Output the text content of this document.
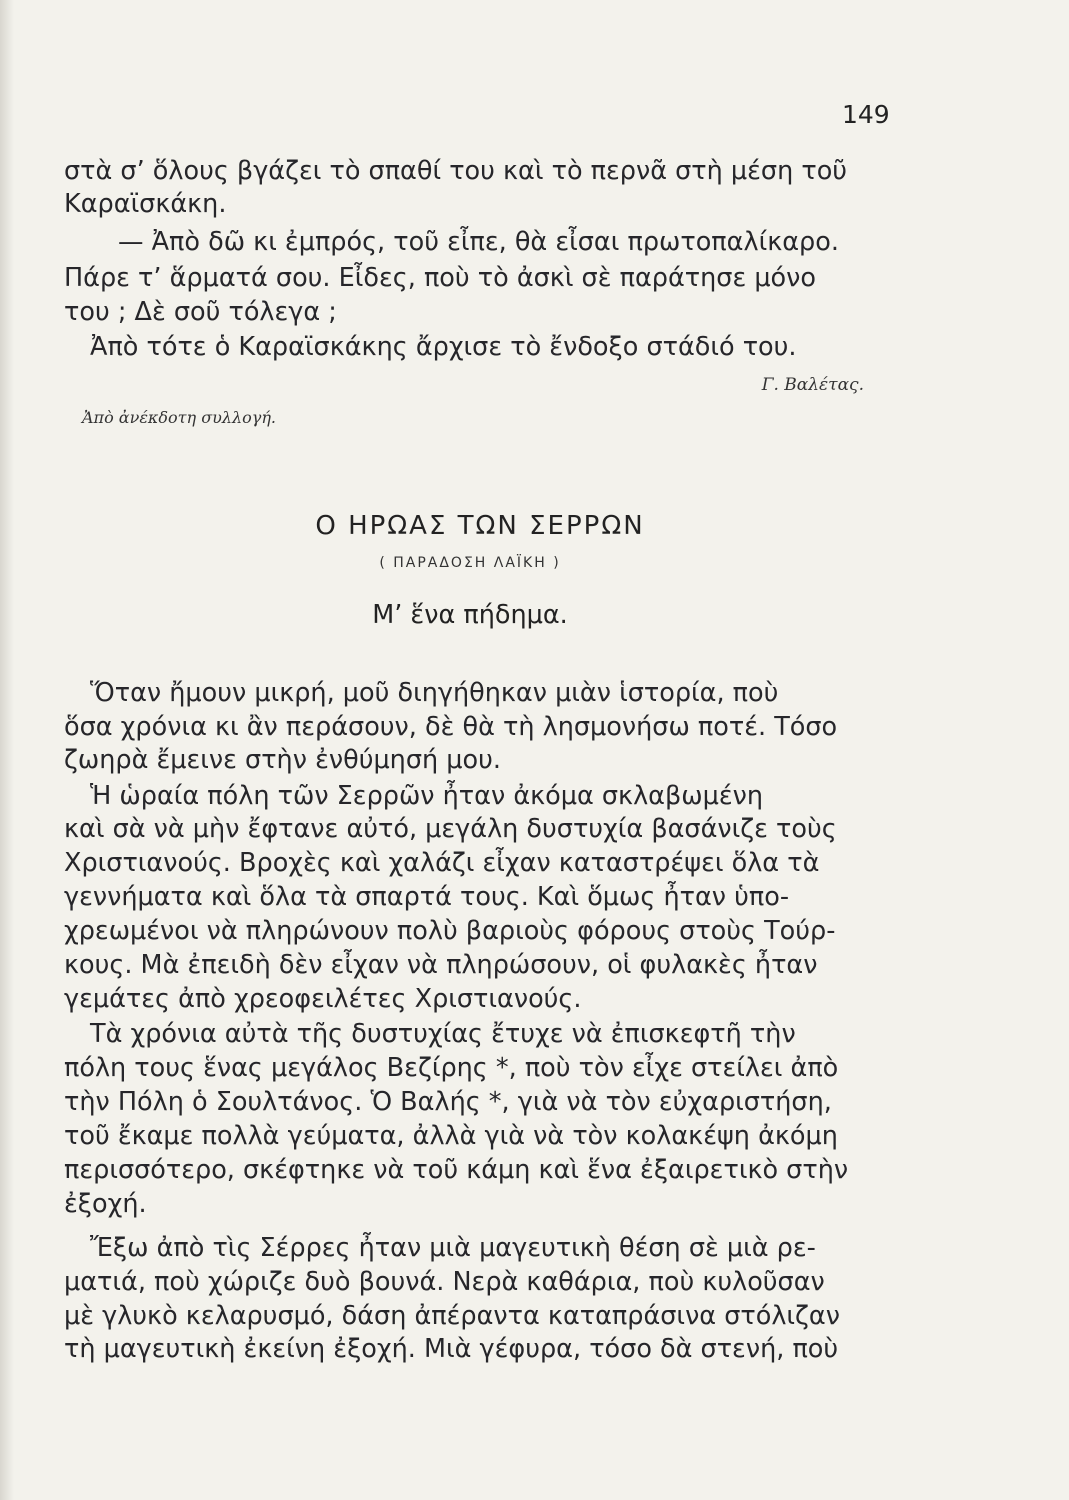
149
στὰ σ’ ὅλους βγάζει τὸ σπαθί του καὶ τὸ περνᾶ στὴ μέση τοῦ
Καραϊσκάκη.
— Ἀπὸ δῶ κι ἐμπρός, τοῦ εἶπε, θὰ εἶσαι πρωτοπαλίκαρο.
Πάρε τ’ ἅρματά σου. Εἶδες, ποὺ τὸ ἀσκὶ σὲ παράτησε μόνο
του ; Δὲ σοῦ τόλεγα ;
Ἀπὸ τότε ὁ Καραϊσκάκης ἄρχισε τὸ ἔνδοξο στάδιό του.
Γ. Βαλέτας.
Ἀπὸ ἀνέκδοτη συλλογή.
Ο ΗΡΩΑΣ ΤΩΝ ΣΕΡΡΩΝ
( ΠΑΡΑΔΟΣΗ ΛΑΪΚΗ )
Μ’ ἕνα πήδημα.
Ὅταν ἤμουν μικρή, μοῦ διηγήθηκαν μιὰν ἱστορία, ποὺ
ὅσα χρόνια κι ἂν περάσουν, δὲ θὰ τὴ λησμονήσω ποτέ. Τόσο
ζωηρὰ ἔμεινε στὴν ἐνθύμησή μου.
Ἡ ὡραία πόλη τῶν Σερρῶν ἦταν ἀκόμα σκλαβωμένη
καὶ σὰ νὰ μὴν ἔφτανε αὐτό, μεγάλη δυστυχία βασάνιζε τοὺς
Χριστιανούς. Βροχὲς καὶ χαλάζι εἶχαν καταστρέψει ὅλα τὰ
γεννήματα καὶ ὅλα τὰ σπαρτά τους. Καὶ ὅμως ἦταν ὑπο-
χρεωμένοι νὰ πληρώνουν πολὺ βαριοὺς φόρους στοὺς Τούρ-
κους. Μὰ ἐπειδὴ δὲν εἶχαν νὰ πληρώσουν, οἱ φυλακὲς ἦταν
γεμάτες ἀπὸ χρεοφειλέτες Χριστιανούς.
Τὰ χρόνια αὐτὰ τῆς δυστυχίας ἔτυχε νὰ ἐπισκεφτῆ τὴν
πόλη τους ἕνας μεγάλος Βεζίρης *, ποὺ τὸν εἶχε στείλει ἀπὸ
τὴν Πόλη ὁ Σουλτάνος. Ὁ Βαλής *, γιὰ νὰ τὸν εὐχαριστήση,
τοῦ ἔκαμε πολλὰ γεύματα, ἀλλὰ γιὰ νὰ τὸν κολακέψη ἀκόμη
περισσότερο, σκέφτηκε νὰ τοῦ κάμη καὶ ἕνα ἐξαιρετικὸ στὴν
ἐξοχή.
Ἔξω ἀπὸ τὶς Σέρρες ἦταν μιὰ μαγευτικὴ θέση σὲ μιὰ ρε-
ματιά, ποὺ χώριζε δυὸ βουνά. Νερὰ καθάρια, ποὺ κυλοῦσαν
μὲ γλυκὸ κελαρυσμό, δάση ἀπέραντα καταπράσινα στόλιζαν
τὴ μαγευτικὴ ἐκείνη ἐξοχή. Μιὰ γέφυρα, τόσο δὰ στενή, ποὺ
